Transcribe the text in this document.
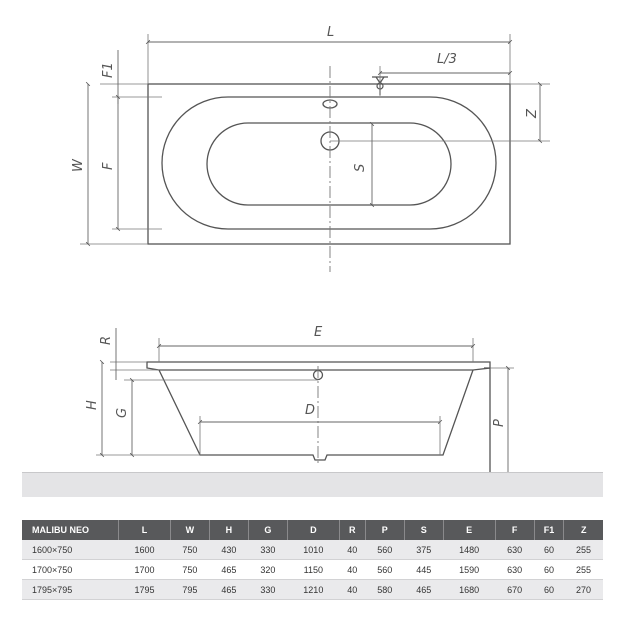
L
L/3
F1
W F	S
Z
E
R
H
G	D
P
MALIBU NEO	L	W	H	G	D	R	P	S	E	F	F1	Z
1600×750	1600	750	430	330	1010	40	560	375	1480	630	60	255
1700×750	1700	750	465	320	1150	40	560	445	1590	630	60	255
1795×795	1795	795	465	330	1210	40	580	465	1680	670	60	270
